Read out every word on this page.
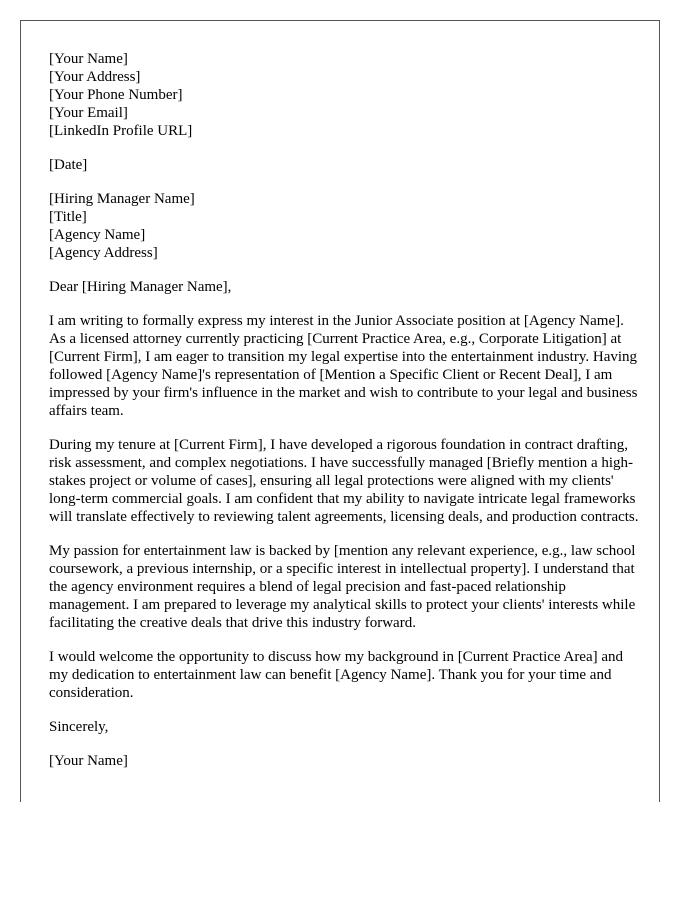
[Your Name]
[Your Address]
[Your Phone Number]
[Your Email]
[LinkedIn Profile URL]
[Date]
[Hiring Manager Name]
[Title]
[Agency Name]
[Agency Address]
Dear [Hiring Manager Name],

I am writing to formally express my interest in the Junior Associate position at [Agency Name]. As a licensed attorney currently practicing [Current Practice Area, e.g., Corporate Litigation] at [Current Firm], I am eager to transition my legal expertise into the entertainment industry. Having followed [Agency Name]'s representation of [Mention a Specific Client or Recent Deal], I am impressed by your firm's influence in the market and wish to contribute to your legal and business affairs team.

During my tenure at [Current Firm], I have developed a rigorous foundation in contract drafting, risk assessment, and complex negotiations. I have successfully managed [Briefly mention a high-stakes project or volume of cases], ensuring all legal protections were aligned with my clients' long-term commercial goals. I am confident that my ability to navigate intricate legal frameworks will translate effectively to reviewing talent agreements, licensing deals, and production contracts.

My passion for entertainment law is backed by [mention any relevant experience, e.g., law school coursework, a previous internship, or a specific interest in intellectual property]. I understand that the agency environment requires a blend of legal precision and fast-paced relationship management. I am prepared to leverage my analytical skills to protect your clients' interests while facilitating the creative deals that drive this industry forward.

I would welcome the opportunity to discuss how my background in [Current Practice Area] and my dedication to entertainment law can benefit [Agency Name]. Thank you for your time and consideration.

Sincerely,
[Your Name]
